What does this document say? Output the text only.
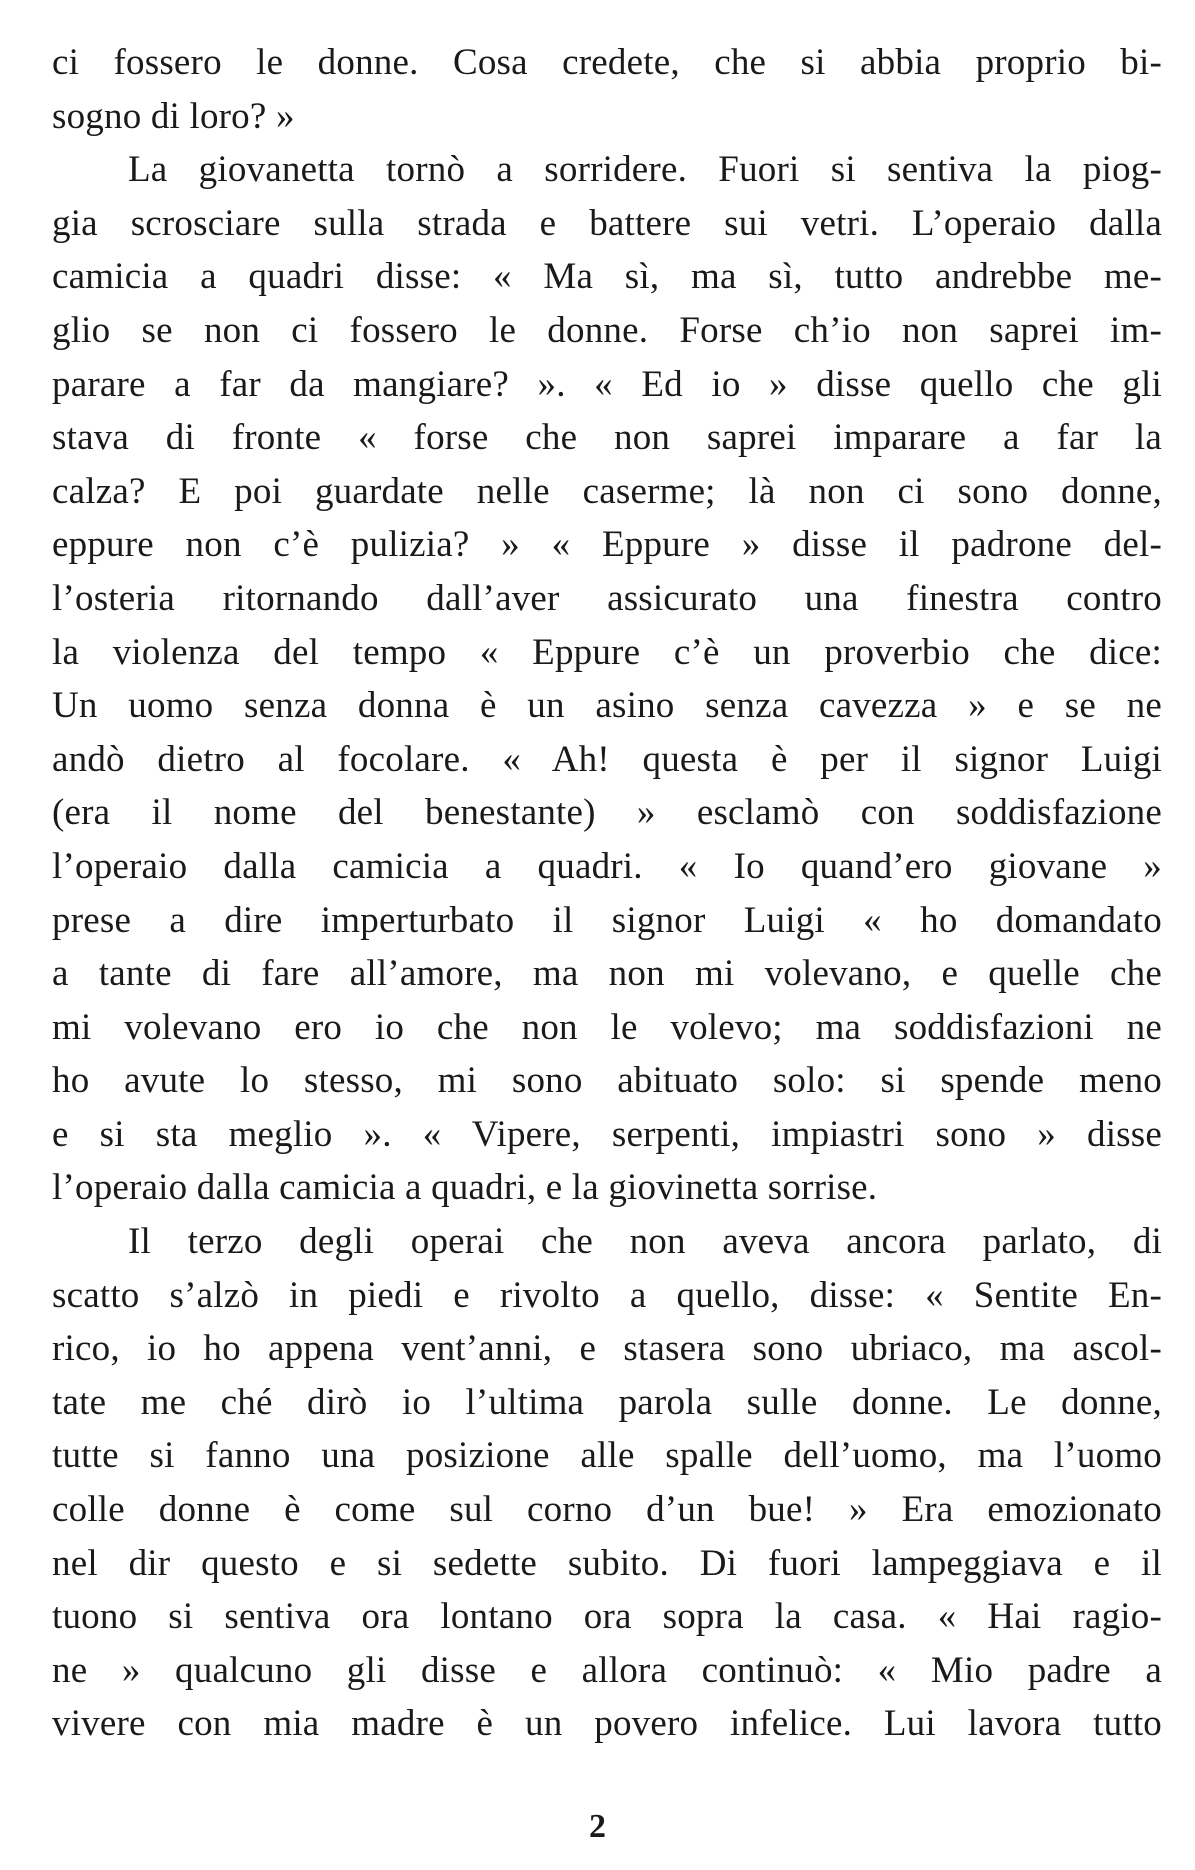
ci fossero le donne. Cosa credete, che si abbia proprio bi-
sogno di loro? »
La giovanetta tornò a sorridere. Fuori si sentiva la piog-
gia scrosciare sulla strada e battere sui vetri. L’operaio dalla
camicia a quadri disse: « Ma sì, ma sì, tutto andrebbe me-
glio se non ci fossero le donne. Forse ch’io non saprei im-
parare a far da mangiare? ». « Ed io » disse quello che gli
stava di fronte « forse che non saprei imparare a far la
calza? E poi guardate nelle caserme; là non ci sono donne,
eppure non c’è pulizia? » « Eppure » disse il padrone del-
l’osteria ritornando dall’aver assicurato una finestra contro
la violenza del tempo « Eppure c’è un proverbio che dice:
Un uomo senza donna è un asino senza cavezza » e se ne
andò dietro al focolare. « Ah! questa è per il signor Luigi
(era il nome del benestante) » esclamò con soddisfazione
l’operaio dalla camicia a quadri. « Io quand’ero giovane »
prese a dire imperturbato il signor Luigi « ho domandato
a tante di fare all’amore, ma non mi volevano, e quelle che
mi volevano ero io che non le volevo; ma soddisfazioni ne
ho avute lo stesso, mi sono abituato solo: si spende meno
e si sta meglio ». « Vipere, serpenti, impiastri sono » disse
l’operaio dalla camicia a quadri, e la giovinetta sorrise.
Il terzo degli operai che non aveva ancora parlato, di
scatto s’alzò in piedi e rivolto a quello, disse: « Sentite En-
rico, io ho appena vent’anni, e stasera sono ubriaco, ma ascol-
tate me ché dirò io l’ultima parola sulle donne. Le donne,
tutte si fanno una posizione alle spalle dell’uomo, ma l’uomo
colle donne è come sul corno d’un bue! » Era emozionato
nel dir questo e si sedette subito. Di fuori lampeggiava e il
tuono si sentiva ora lontano ora sopra la casa. « Hai ragio-
ne » qualcuno gli disse e allora continuò: « Mio padre a
vivere con mia madre è un povero infelice. Lui lavora tutto
2
